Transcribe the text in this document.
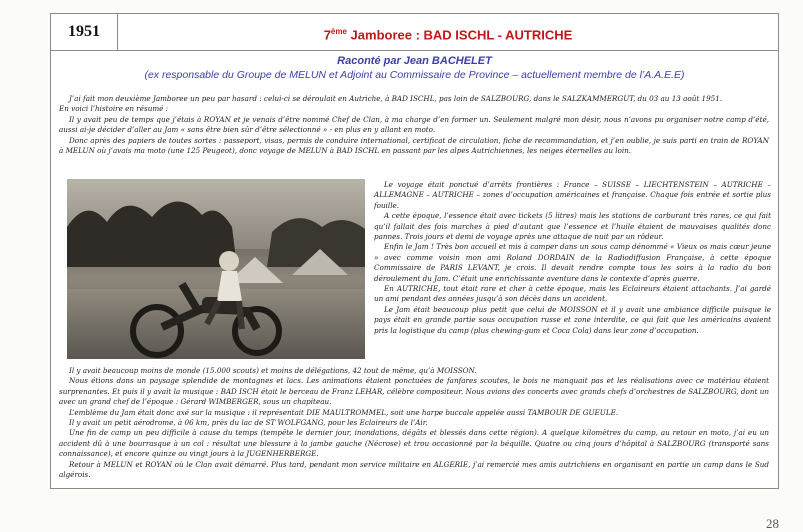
1951	7ème Jamboree : BAD ISCHL - AUTRICHE
Raconté par Jean BACHELET
(ex responsable du Groupe de MELUN et Adjoint au Commissaire de Province – actuellement membre de l’A.A.E.E)

J’ai fait mon deuxième Jamboree un peu par hasard : celui-ci se déroulait en Autriche, à BAD ISCHL, pas loin de SALZBOURG, dans le SALZKAMMERGUT, du 03 au 13 août 1951.
En voici l’histoire en résumé :
Il y avait peu de temps que j’étais à ROYAN et je venais d’être nommé Chef de Clan, à ma charge d’en former un. Seulement malgré mon désir, nous n’avons pu organiser notre camp d’été, aussi ai-je décider d’aller au Jam « sans être bien sûr d’être sélectionné » - en plus en y allant en moto.
Donc après des papiers de toutes sortes : passeport, visas, permis de conduire international, certificat de circulation, fiche de recommandation, et j’en oublie, je suis parti en train de ROYAN à MELUN où j’avais ma moto (une 125 Peugeot), donc voyage de MELUN à BAD ISCHL en passant par les alpes Autrichiennes, les neiges éternelles au loin.

Le voyage était ponctué d’arrêts frontières : France – SUISSE – LIECHTENSTEIN – AUTRICHE – ALLEMAGNE – AUTRICHE – zones d’occupation américaines et française. Chaque fois entrée et sortie plus fouille.
A cette époque, l’essence était avec tickets (5 litres) mais les stations de carburant très rares, ce qui fait qu’il fallait des fois marches à pied d’autant que l’essence et l’huile étaient de mauvaises qualités donc pannes. Trois jours et demi de voyage après une attaque de nuit par un rôdeur.
Enfin le Jam ! Très bon accueil et mis à camper dans un sous camp dénommé « Vieux os mais cœur jeune » avec comme voisin mon ami Roland DORDAIN de la Radiodiffusion Française, à cette époque Commissaire de PARIS LEVANT, je crois. Il devait rendre compte tous les soirs à la radio du bon déroulement du Jam. C’était une enrichissante aventure dans le contexte d’après guerre.
En AUTRICHE, tout était rare et cher à cette époque, mais les Eclaireurs étaient attachants. J’ai gardé un ami pendant des années jusqu’à son décès dans un accident.
Le Jam était beaucoup plus petit que celui de MOISSON et il y avait une ambiance difficile puisque le pays était en grande partie sous occupation russe et zone interdite, ce qui fait que les américains avaient pris la logistique du camp (plus chewing-gum et Coca Cola) dans leur zone d’occupation.

Il y avait beaucoup moins de monde (15.000 scouts) et moins de délégations, 42 tout de même, qu’à MOISSON.
Nous étions dans un paysage splendide de montagnes et lacs. Les animations étaient ponctuées de fanfares scoutes, le bois ne manquait pas et les réalisations avec ce matériau étaient surprenantes. Et puis il y avait la musique : BAD ISCH était le berceau de Franz LEHAR, célèbre compositeur. Nous avions des concerts avec grands chefs d’orchestres de SALZBOURG, dont un avec un grand chef de l’époque : Gérard WIMBERGER, sous un chapiteau.
L’emblème du Jam était donc axé sur la musique : il représentait DIE MAULTROMMEL, soit une harpe buccale appelée aussi TAMBOUR DE GUEULE.
Il y avait un petit aérodrome, à 06 km, près du lac de ST WOLFGANG, pour les Eclaireurs de l’Air.
Une fin de camp un peu difficile à cause du temps (tempête le dernier jour, inondations, dégâts et blessés dans cette région). A quelque kilomètres du camp, au retour en moto, j’ai eu un accident dû à une bourrasque à un col : résultat une blessure à la jambe gauche (Nécrose) et trou occasionné par la béquille. Quatre ou cinq jours d’hôpital à SALZBOURG (transporté sans connaissance), et encore quinze ou vingt jours à la JUGENHERBERGE.
Retour à MELUN et ROYAN où le Clan avait démarré. Plus tard, pendant mon service militaire en ALGERIE, j’ai remercié mes amis autrichiens en organisant en partie un camp dans le Sud algérois.

28
